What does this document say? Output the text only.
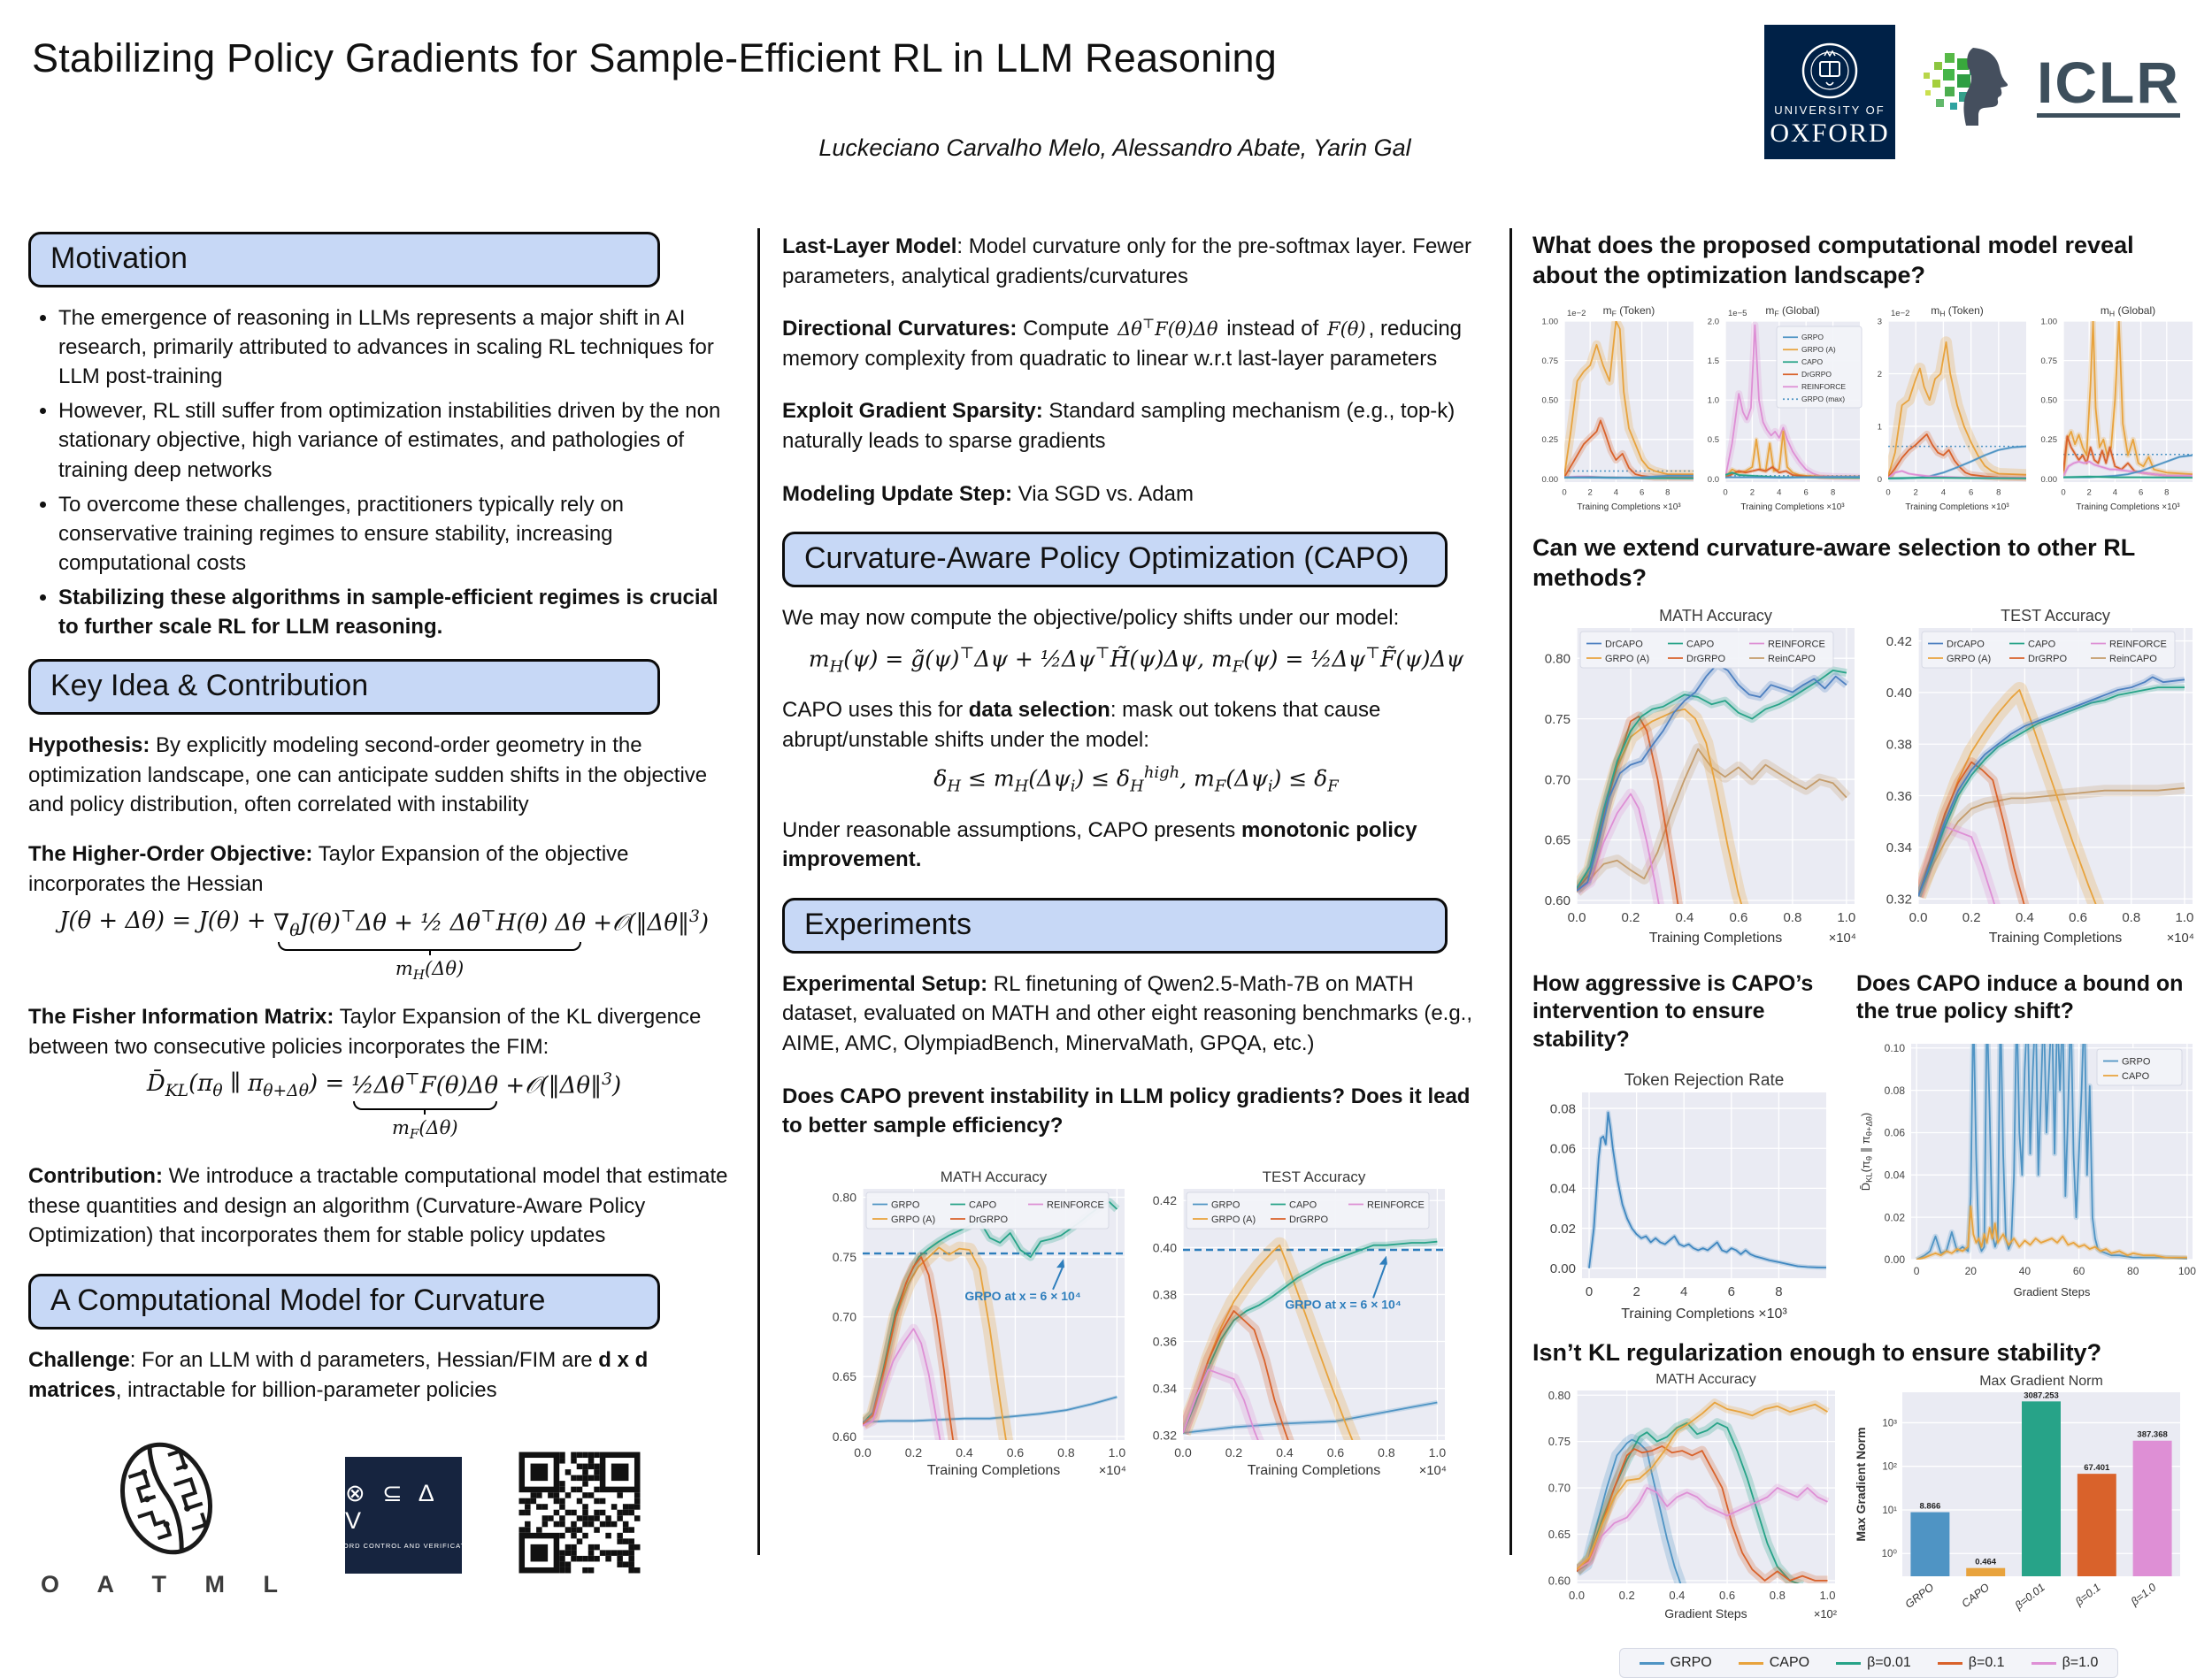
Stabilizing Policy Gradients for Sample-Efficient RL in LLM Reasoning
Luckeciano Carvalho Melo, Alessandro Abate, Yarin Gal
UNIVERSITY OF
OXFORD
ICLR
Motivation
• The emergence of reasoning in LLMs represents a major shift in AI research, primarily attributed to advances in scaling RL techniques for LLM post-training
• However, RL still suffer from optimization instabilities driven by the non stationary objective, high variance of estimates, and pathologies of training deep networks
• To overcome these challenges, practitioners typically rely on conservative training regimes to ensure stability, increasing computational costs
• Stabilizing these algorithms in sample-efficient regimes is crucial to further scale RL for LLM reasoning.
Key Idea & Contribution

Hypothesis: By explicitly modeling second-order geometry in the optimization landscape, one can anticipate sudden shifts in the objective and policy distribution, often correlated with instability

The Higher-Order Objective: Taylor Expansion of the objective incorporates the Hessian

$J(\theta + \Delta\theta) = J(\theta) + \nabla_\theta J(\theta)^⊤\Delta\theta$ + ½ Δθ⊤H(θ) Δθ
$m_H(\Delta\theta)$
+𝒪(‖Δθ‖$^3$)

The Fisher Information Matrix: Taylor Expansion of the KL divergence between two consecutive policies incorporates the FIM:

$D̄_{KL}(\pi_\theta$ ∥ $\pi_{\theta+\Delta\theta}$) = ½Δθ⊤F(θ)Δθ
$m_F(\Delta\theta)$
+𝒪(‖Δθ‖$^3$)

Contribution: We introduce a tractable computational model that estimate these quantities and design an algorithm (Curvature-Aware Policy Optimization) that incorporates them for stable policy updates

A Computational Model for Curvature

Challenge: For an LLM with d parameters, Hessian/FIM are d x d matrices, intractable for billion-parameter policies

O A T M L
⊗ ⊆ Δ V
OXFORD CONTROL AND VERIFICATION

Last-Layer Model: Model curvature only for the pre-softmax layer. Fewer parameters, analytical gradients/curvatures

Directional Curvatures: Compute Δθ⊤F(θ)Δθ instead of F(θ) , reducing memory complexity from quadratic to linear w.r.t last-layer parameters

Exploit Gradient Sparsity: Standard sampling mechanism (e.g., top-k) naturally leads to sparse gradients

Modeling Update Step: Via SGD vs. Adam

Curvature-Aware Policy Optimization (CAPO)

We may now compute the objective/policy shifts under our model:

$m_H(\psi)$ = g̃(ψ)⊤Δψ + ½Δψ⊤H̃(ψ)Δψ, $m_F(\psi)$ = ½Δψ⊤F̃(ψ)Δψ

CAPO uses this for data selection: mask out tokens that cause abrupt/unstable shifts under the model:

$\delta_H \le m_H(\Delta\psi_i) \le \delta_H^{high}$, $m_F(\Delta\psi_i) \le \delta_F$

Under reasonable assumptions, CAPO presents monotonic policy improvement.

Experiments

Experimental Setup: RL finetuning of Qwen2.5-Math-7B on MATH dataset, evaluated on MATH and other eight reasoning benchmarks (e.g., AIME, AMC, OlympiadBench, MinervaMath, GPQA, etc.)

Does CAPO prevent instability in LLM policy gradients? Does it lead to better sample efficiency?

0.0	0.2	0.4	0.6	0.8	1.0
0.60
0.65
0.70
0.75
0.80
MATH Accuracy
Training Completions	×10⁴
GRPO at x = 6 × 10⁴
GRPO
GRPO (A)
CAPO
DrGRPO
REINFORCE
0.0	0.2	0.4	0.6	0.8	1.0
0.32
0.34
0.36
0.38
0.40
0.42
TEST Accuracy
Training Completions	×10⁴
GRPO at x = 6 × 10⁴
GRPO
GRPO (A)
CAPO
DrGRPO
REINFORCE
What does the proposed computational model reveal about the optimization landscape?
0	2	4	6	8
0.00
0.25
0.50
0.75
1.00
$m_F$ (Token)
1e−2
Training Completions ×10³
0	2	4	6	8
0.0
0.5
1.0
1.5
2.0
$m_F$ (Global)
1e−5
Training Completions ×10³
GRPO
GRPO (A)
CAPO
DrGRPO
REINFORCE
GRPO (max)
0	2	4	6	8
0
1
2
3
$m_H$ (Token)
1e−2
Training Completions ×10³
0	2	4	6	8
0.00
0.25
0.50
0.75
1.00
$m_H$ (Global)
Training Completions ×10³
Can we extend curvature-aware selection to other RL methods?
0.0	0.2	0.4	0.6	0.8	1.0
0.60
0.65
0.70
0.75
0.80
MATH Accuracy
Training Completions	×10⁴
DrCAPO
GRPO (A)
CAPO
DrGRPO
REINFORCE
ReinCAPO
0.0	0.2	0.4	0.6	0.8	1.0
0.32
0.34
0.36
0.38
0.40
0.42
TEST Accuracy
Training Completions	×10⁴
DrCAPO
GRPO (A)
CAPO
DrGRPO
REINFORCE
ReinCAPO
How aggressive is CAPO’s intervention to ensure stability?
0	2	4	6	8
0.00
0.02
0.04
0.06
0.08
Token Rejection Rate
Training Completions ×10³
Does CAPO induce a bound on the true policy shift?
0	20	40	60	80	100
0.00
0.02
0.04
0.06
0.08
0.10
Gradient Steps
$D̄_{KL}(\pi_\theta$ ∥ $\pi_{\theta+\Delta\theta}$)
GRPO
CAPO
Isn’t KL regularization enough to ensure stability?
0.0	0.2	0.4	0.6	0.8	1.0
0.60
0.65
0.70
0.75
0.80
MATH Accuracy
Gradient Steps	×10²
10⁰
10¹
10²
10³
Max Gradient Norm
Max Gradient Norm	8.866
GRPO
0.464
CAPO
3087.253
β=0.01
67.401
β=0.1
387.368
β=1.0
GRPO	CAPO	β=0.01	β=0.1	β=1.0
